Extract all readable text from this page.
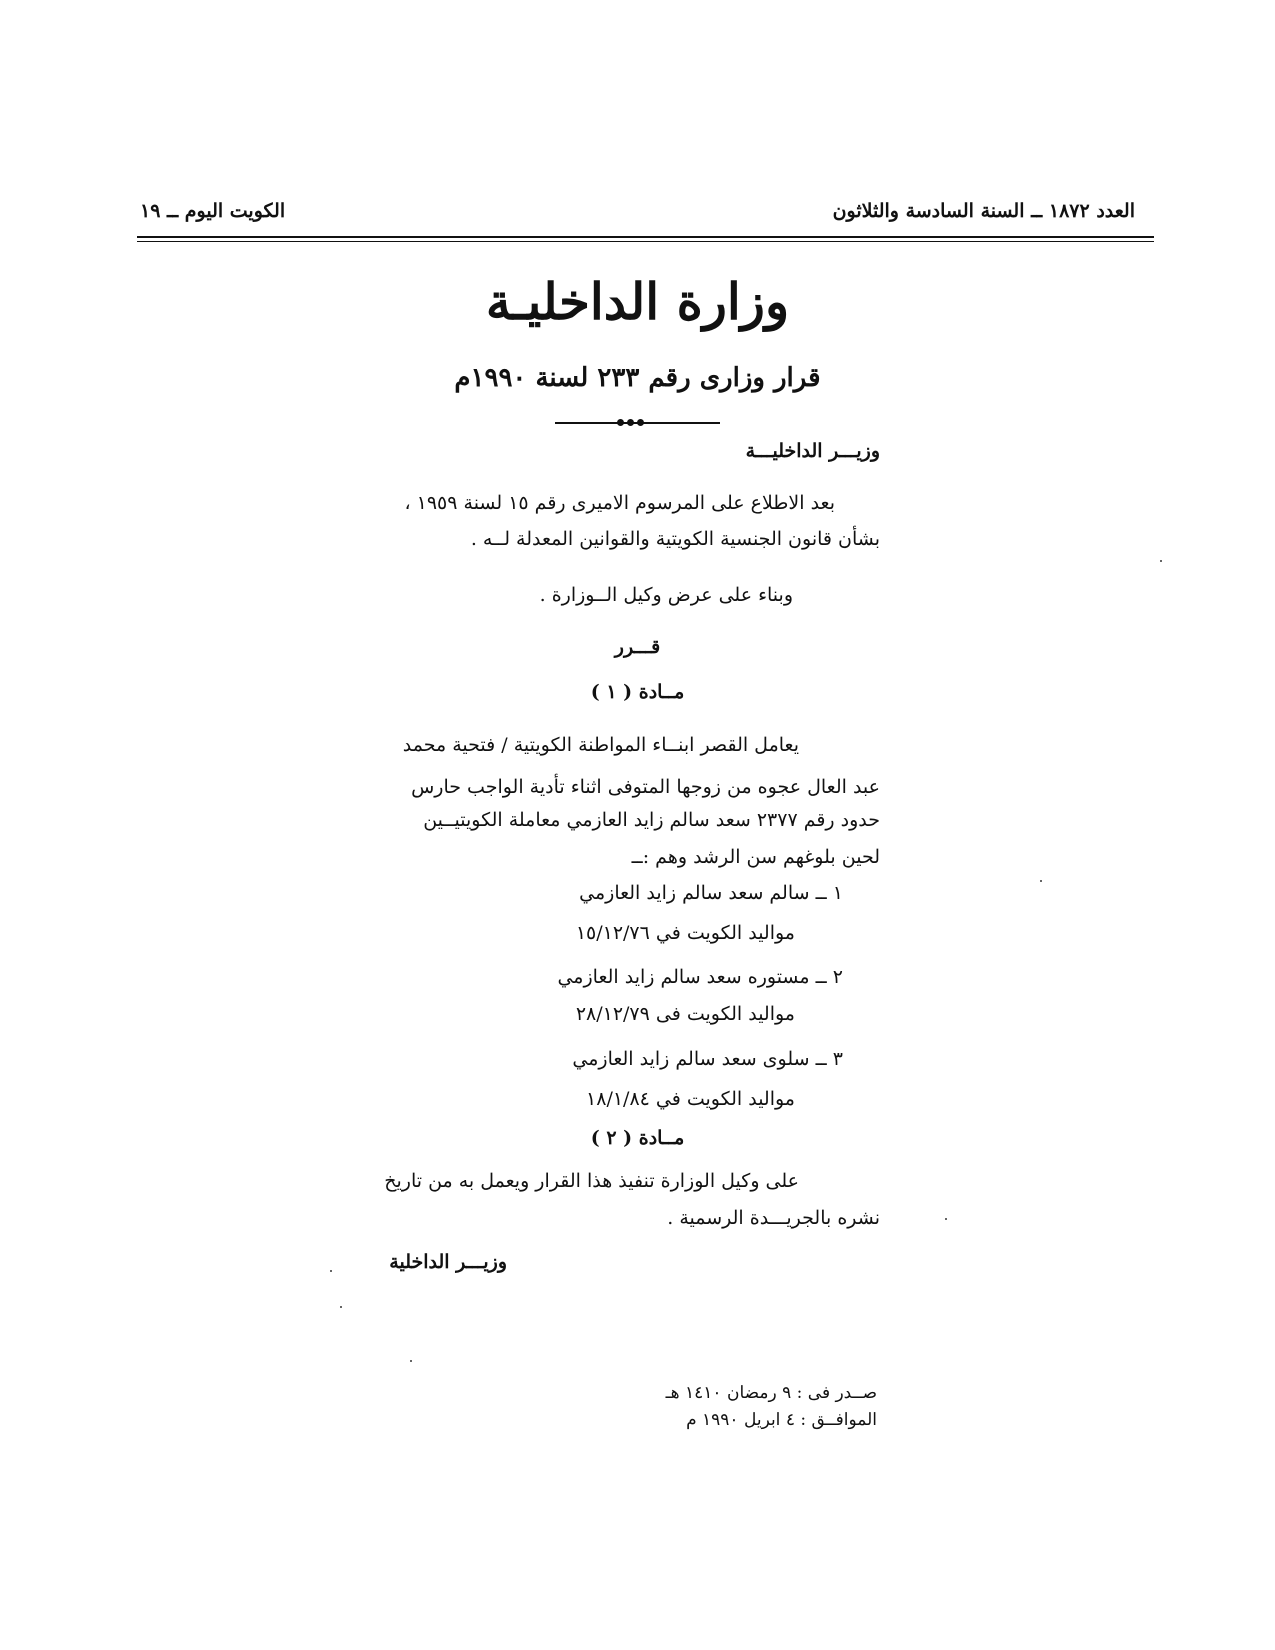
العدد ١٨٧٢ ــ السنة السادسة والثلاثون
الكويت اليوم ــ ١٩
وزارة الداخليـة
قرار وزارى رقم ٢٣٣ لسنة ١٩٩٠م
وزيـــر الداخليـــة
بعد الاطلاع على المرسوم الاميرى رقم ١٥ لسنة ١٩٥٩ ،
بشأن قانون الجنسية الكويتية والقوانين المعدلة لــه .
وبناء على عرض وكيل الــوزارة .
قـــرر
مــادة ( ١ )
يعامل القصر ابنــاء المواطنة الكويتية / فتحية محمد
عبد العال عجوه من زوجها المتوفى اثناء تأدية الواجب حارس
حدود رقم ٢٣٧٧ سعد سالم زايد العازمي معاملة الكويتيــين
لحين بلوغهم سن الرشد وهم :ــ
١ ــ سالم سعد سالم زايد العازمي
مواليد الكويت في ١٥/١٢/٧٦
٢ ــ مستوره سعد سالم زايد العازمي
مواليد الكويت فى ٢٨/١٢/٧٩
٣ ــ سلوى سعد سالم زايد العازمي
مواليد الكويت في ١٨/١/٨٤
مــادة ( ٢ )
على وكيل الوزارة تنفيذ هذا القرار ويعمل به من تاريخ
نشره بالجريـــدة الرسمية .
وزيـــر الداخلية
صــدر فى : ٩ رمضان ١٤١٠ هـ
الموافــق : ٤ ابريل ١٩٩٠ م
